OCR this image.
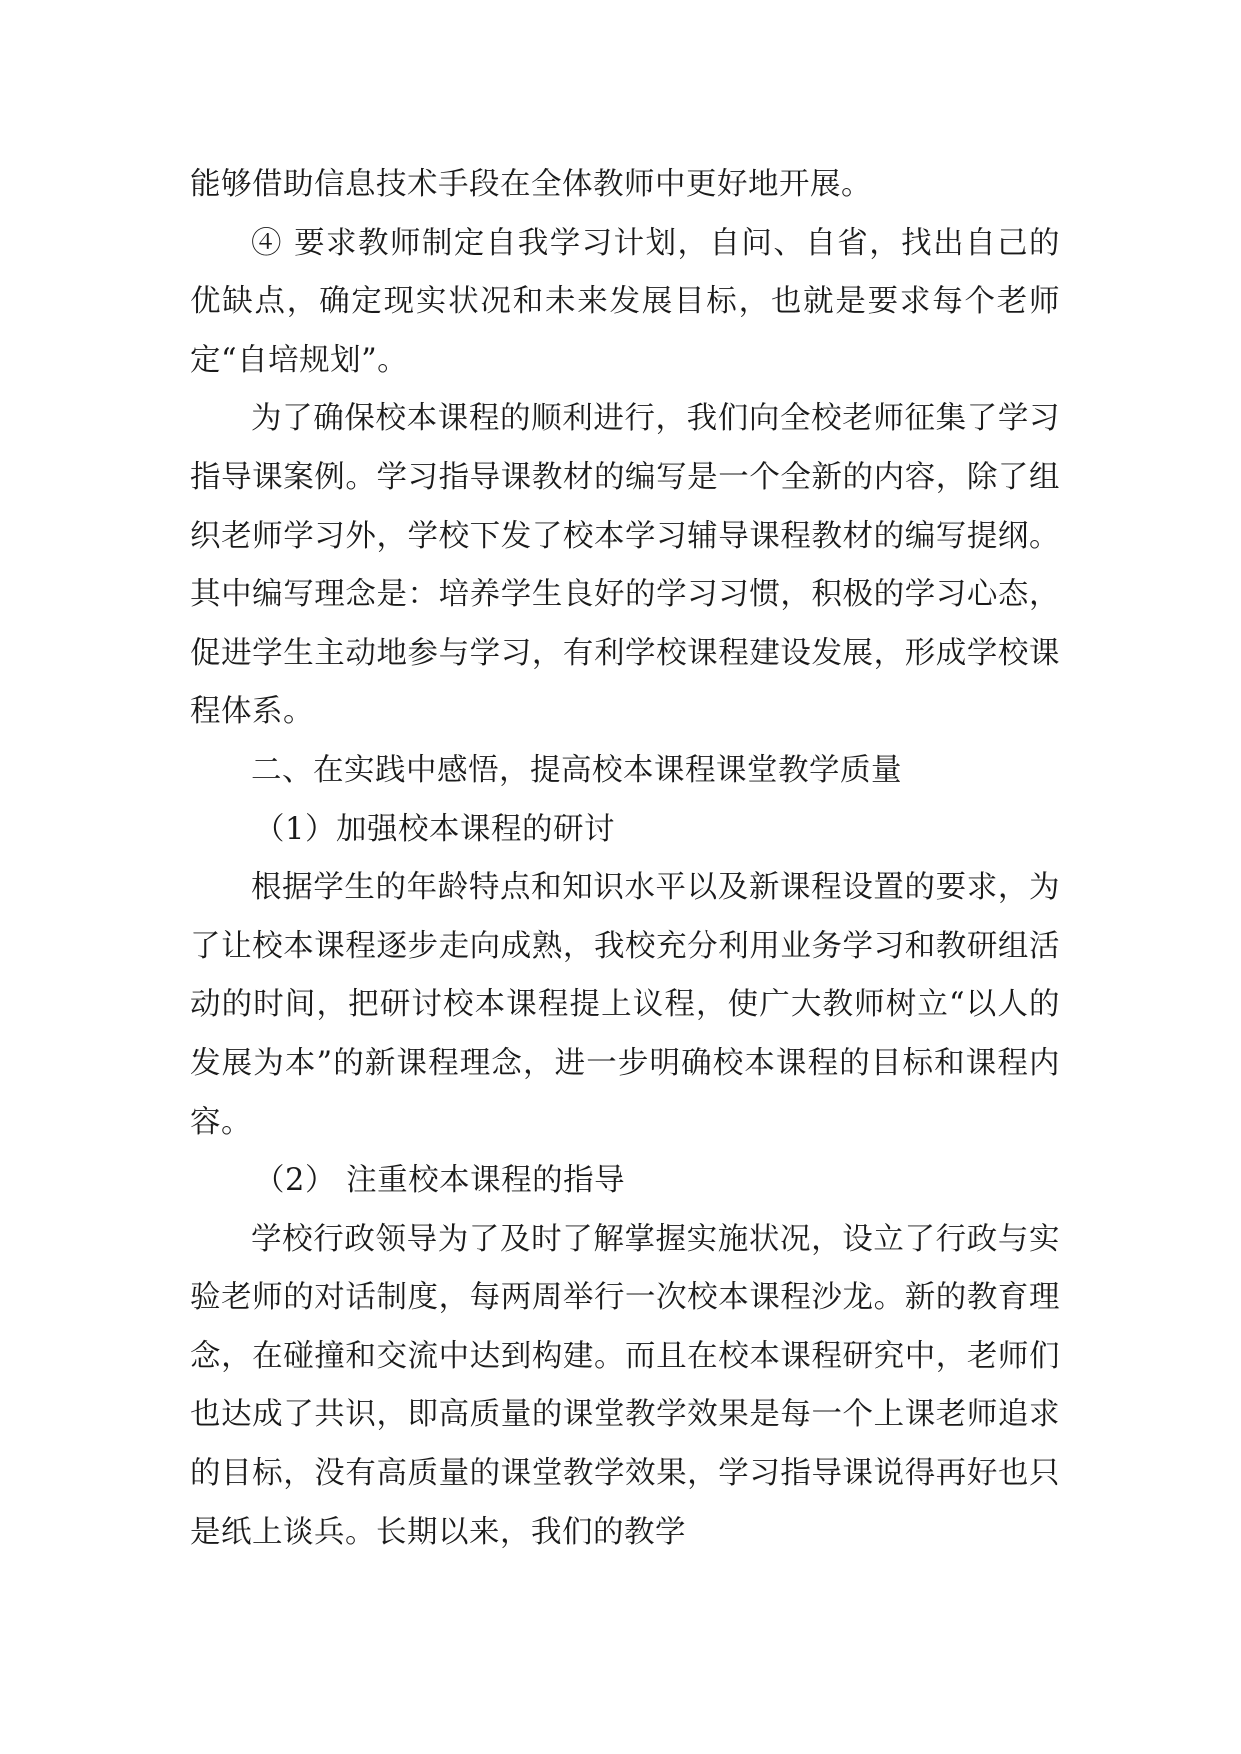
能够借助信息技术手段在全体教师中更好地开展。

④ 要求教师制定自我学习计划，自问、自省，找出自己的优缺点，确定现实状况和未来发展目标，也就是要求每个老师定“自培规划”。

为了确保校本课程的顺利进行，我们向全校老师征集了学习指导课案例。学习指导课教材的编写是一个全新的内容，除了组织老师学习外，学校下发了校本学习辅导课程教材的编写提纲。其中编写理念是：培养学生良好的学习习惯，积极的学习心态，促进学生主动地参与学习，有利学校课程建设发展，形成学校课程体系。

二、在实践中感悟，提高校本课程课堂教学质量

（1）加强校本课程的研讨

根据学生的年龄特点和知识水平以及新课程设置的要求，为了让校本课程逐步走向成熟，我校充分利用业务学习和教研组活动的时间，把研讨校本课程提上议程，使广大教师树立“以人的发展为本”的新课程理念，进一步明确校本课程的目标和课程内容。

（2） 注重校本课程的指导

学校行政领导为了及时了解掌握实施状况，设立了行政与实验老师的对话制度，每两周举行一次校本课程沙龙。新的教育理念，在碰撞和交流中达到构建。而且在校本课程研究中，老师们也达成了共识，即高质量的课堂教学效果是每一个上课老师追求的目标，没有高质量的课堂教学效果，学习指导课说得再好也只是纸上谈兵。长期以来，我们的教学
